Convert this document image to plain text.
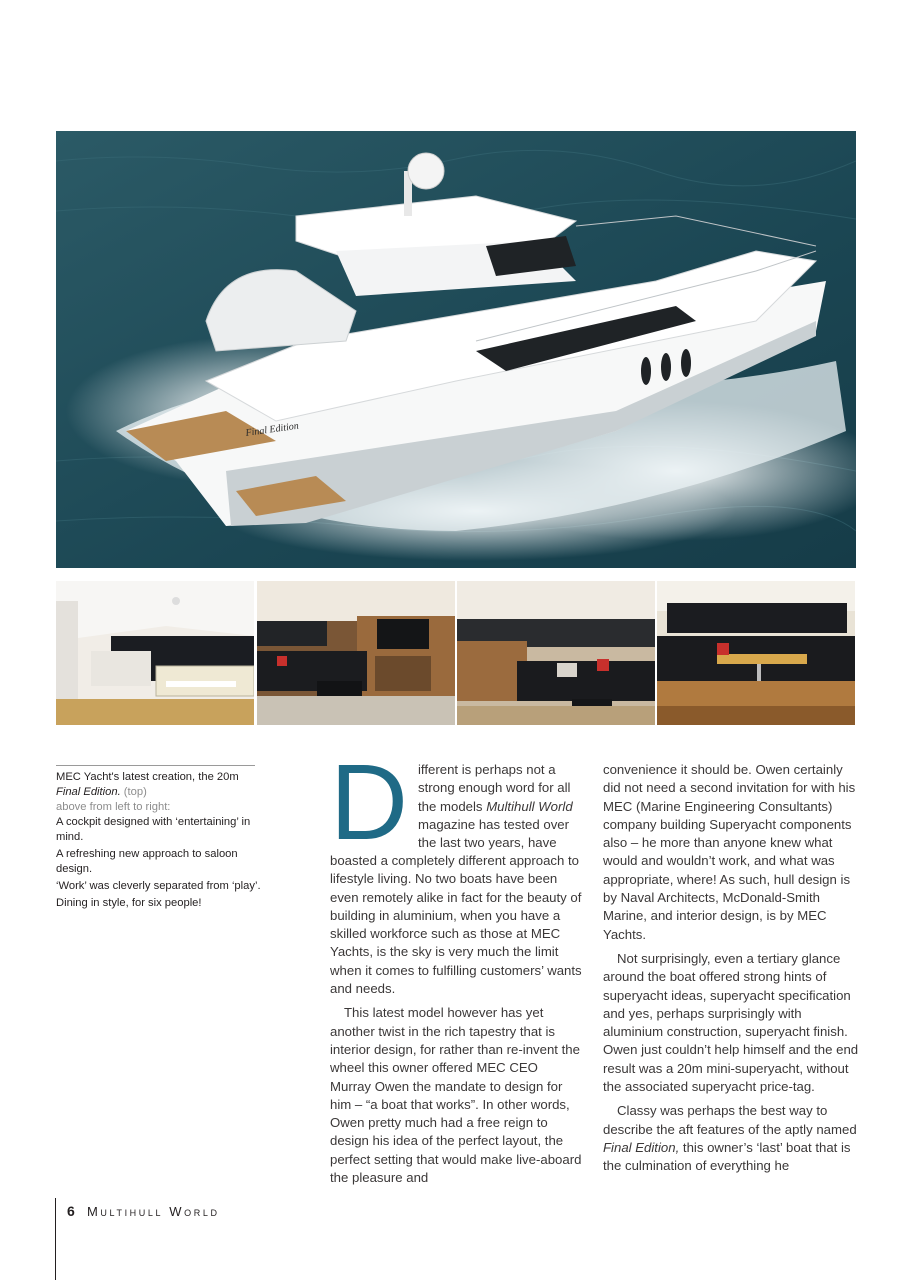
Final Edition
MEC Yacht's latest creation, the 20m
Final Edition. (top)
above from left to right:
A cockpit designed with ‘entertaining’ in mind.
A refreshing new approach to saloon design.
‘Work’ was cleverly separated from ‘play’.
Dining in style, for six people!
D ifferent is perhaps not a strong enough word for all the models Multihull World magazine has tested over the last two years, have

boasted a completely different approach to lifestyle living. No two boats have been even remotely alike in fact for the beauty of building in aluminium, when you have a skilled workforce such as those at MEC Yachts, is the sky is very much the limit when it comes to fulfilling customers’ wants and needs.

This latest model however has yet another twist in the rich tapestry that is interior design, for rather than re-invent the wheel this owner offered MEC CEO Murray Owen the mandate to design for him – “a boat that works”. In other words, Owen pretty much had a free reign to design his idea of the perfect layout, the perfect setting that would make live-aboard the pleasure and

convenience it should be. Owen certainly did not need a second invitation for with his MEC (Marine Engineering Consultants) company building Superyacht components also – he more than anyone knew what would and wouldn’t work, and what was appropriate, where! As such, hull design is by Naval Architects, McDonald-Smith Marine, and interior design, is by MEC Yachts.

Not surprisingly, even a tertiary glance around the boat offered strong hints of superyacht ideas, superyacht specification and yes, perhaps surprisingly with aluminium construction, superyacht finish. Owen just couldn’t help himself and the end result was a 20m mini-superyacht, without the associated superyacht price-tag.

Classy was perhaps the best way to describe the aft features of the aptly named Final Edition, this owner’s ‘last’ boat that is the culmination of everything he

6 Multihull World
